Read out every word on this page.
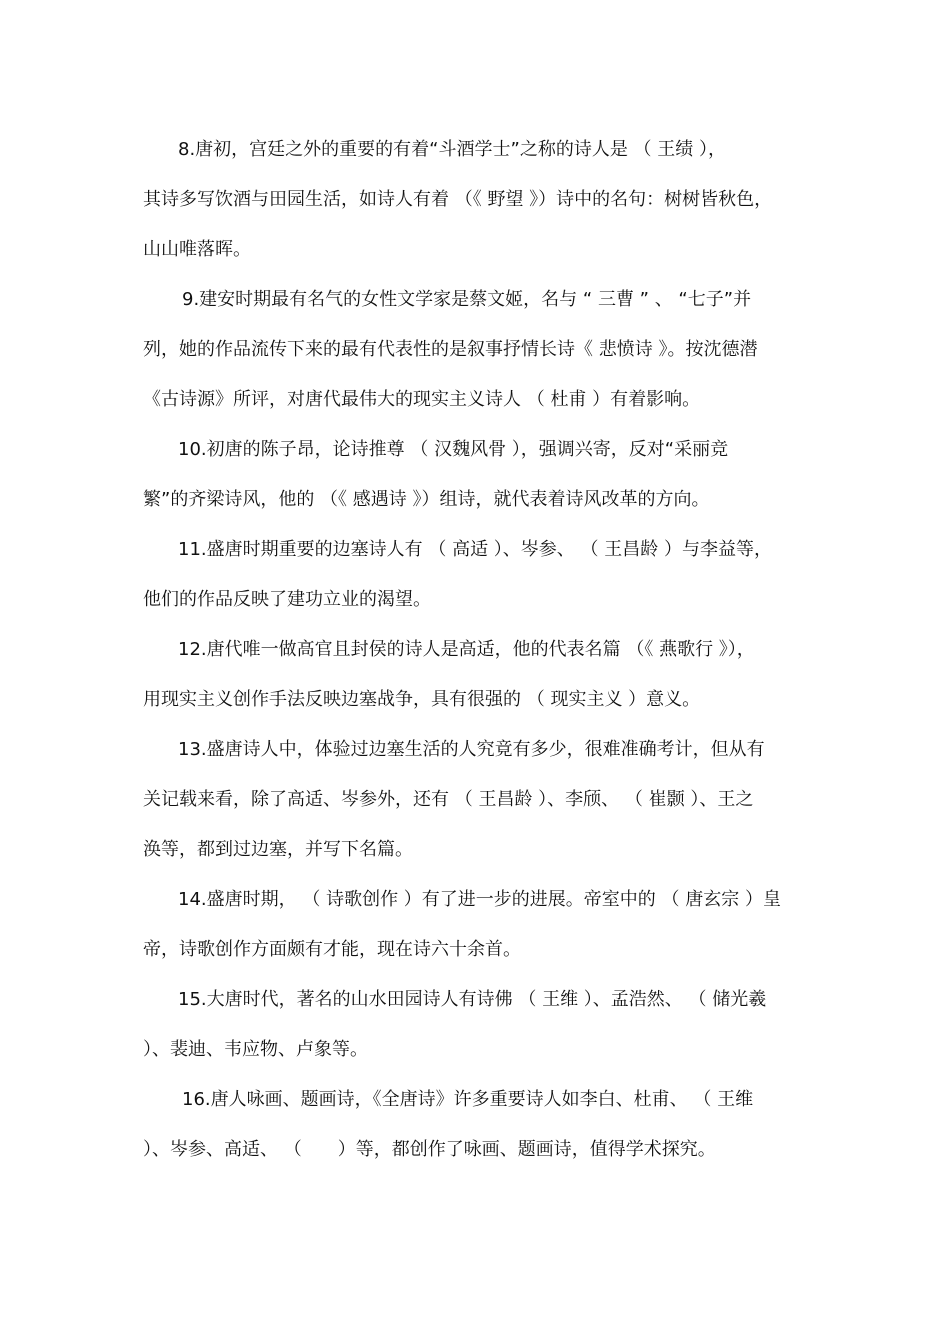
8.唐初，宫廷之外的重要的有着“斗酒学士”之称的诗人是 （ 王绩 ），
其诗多写饮酒与田园生活，如诗人有着 （《 野望 》）诗中的名句：树树皆秋色，
山山唯落晖。
9.建安时期最有名气的女性文学家是蔡文姬，名与 “ 三曹 ” 、 “七子”并
列，她的作品流传下来的最有代表性的是叙事抒情长诗《 悲愤诗 》。按沈德潜
《古诗源》所评，对唐代最伟大的现实主义诗人 （ 杜甫 ）有着影响。
10.初唐的陈子昂，论诗推尊 （ 汉魏风骨 ），强调兴寄，反对“采丽竞
繁”的齐梁诗风，他的 （《 感遇诗 》）组诗，就代表着诗风改革的方向。
11.盛唐时期重要的边塞诗人有 （ 高适 ）、岑参、 （ 王昌龄 ）与李益等，
他们的作品反映了建功立业的渴望。
12.唐代唯一做高官且封侯的诗人是高适，他的代表名篇 （《 燕歌行 》），
用现实主义创作手法反映边塞战争，具有很强的 （ 现实主义 ）意义。
13.盛唐诗人中，体验过边塞生活的人究竟有多少，很难准确考计，但从有
关记载来看，除了高适、岑参外，还有 （ 王昌龄 ）、李颀、 （ 崔颢 ）、王之
涣等，都到过边塞，并写下名篇。
14.盛唐时期， （ 诗歌创作 ）有了进一步的进展。帝室中的 （ 唐玄宗 ）皇
帝，诗歌创作方面颇有才能，现在诗六十余首。
15.大唐时代，著名的山水田园诗人有诗佛 （ 王维 ）、孟浩然、 （ 储光羲
）、裴迪、韦应物、卢象等。
16.唐人咏画、题画诗，《全唐诗》许多重要诗人如李白、杜甫、 （ 王维
）、岑参、高适、 （　　）等，都创作了咏画、题画诗，值得学术探究。
